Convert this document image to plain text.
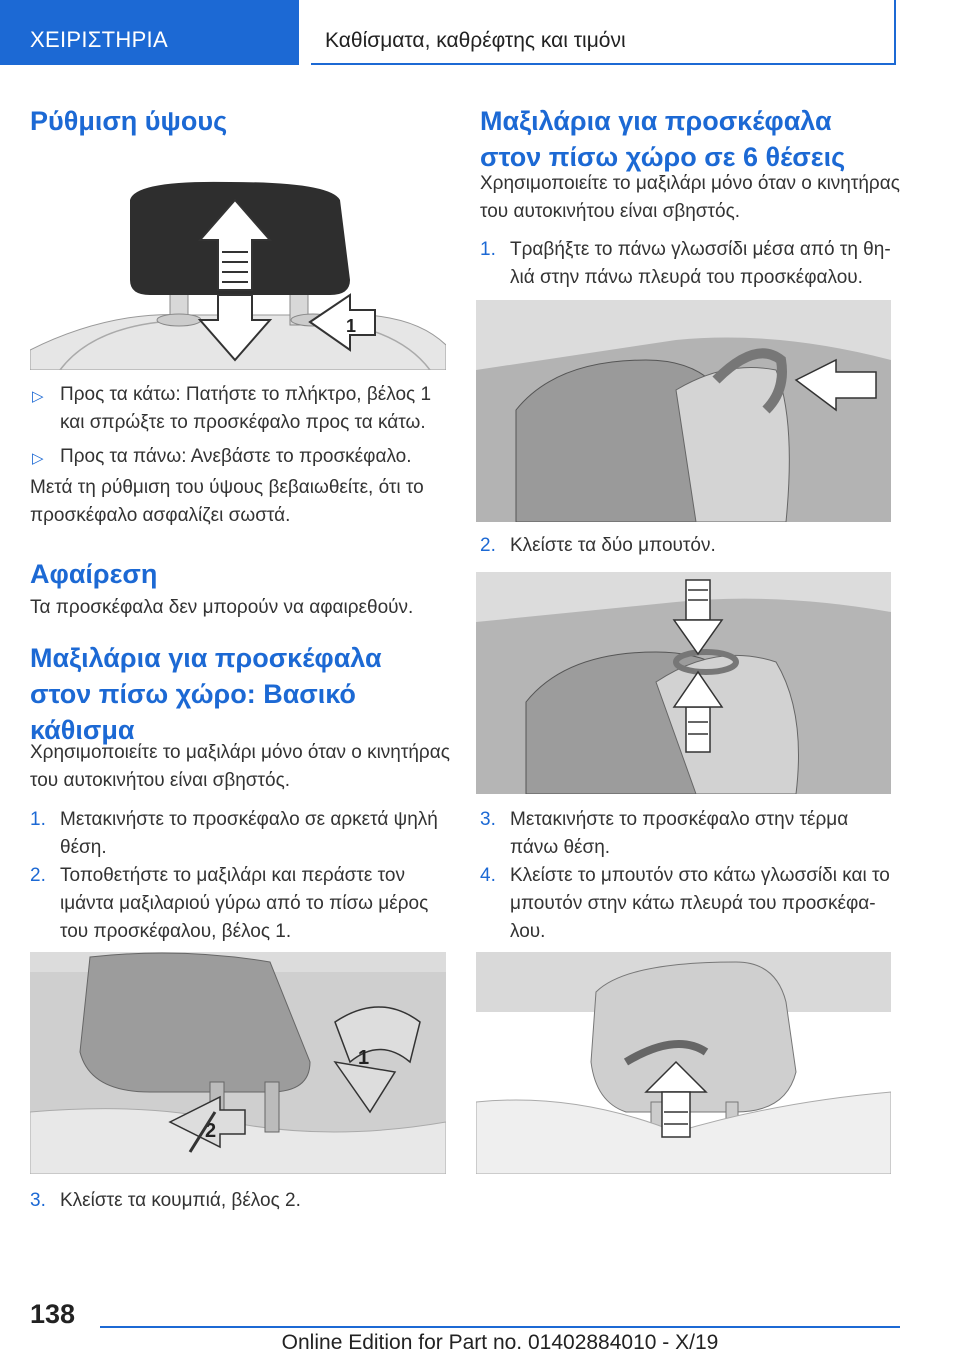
ΧΕΙΡΙΣΤΗΡΙΑ	Καθίσματα, καθρέφτης και τιμόνι
Ρύθμιση ύψους
1
▷ Προς τα κάτω: Πατήστε το πλήκτρο, βέλος 1 και σπρώξτε το προσκέφαλο προς τα κάτω.
▷ Προς τα πάνω: Ανεβάστε το προσκέφαλο.

Μετά τη ρύθμιση του ύψους βεβαιωθείτε, ότι το προσκέφαλο ασφαλίζει σωστά.

Αφαίρεση

Τα προσκέφαλα δεν μπορούν να αφαιρεθούν.

Μαξιλάρια για προσκέφαλα στον πίσω χώρο: Βασικό κάθισμα

Χρησιμοποιείτε το μαξιλάρι μόνο όταν ο κινητήρας του αυτοκινήτου είναι σβηστός.

1. Μετακινήστε το προσκέφαλο σε αρκετά ψηλή θέση.
2. Τοποθετήστε το μαξιλάρι και περάστε τον ιμάντα μαξιλαριού γύρω από το πίσω μέρος του προσκέφαλου, βέλος 1.
1
2
3. Κλείστε τα κουμπιά, βέλος 2.
Μαξιλάρια για προσκέφαλα στον πίσω χώρο σε 6 θέσεις

Χρησιμοποιείτε το μαξιλάρι μόνο όταν ο κινητήρας του αυτοκινήτου είναι σβηστός.

1. Τραβήξτε το πάνω γλωσσίδι μέσα από τη θηλιά στην πάνω πλευρά του προσκέφαλου.
2. Κλείστε τα δύο μπουτόν.
3. Μετακινήστε το προσκέφαλο στην τέρμα πάνω θέση.
4. Κλείστε το μπουτόν στο κάτω γλωσσίδι και το μπουτόν στην κάτω πλευρά του προσκέφαλου.
138
Online Edition for Part no. 01402884010 - X/19
